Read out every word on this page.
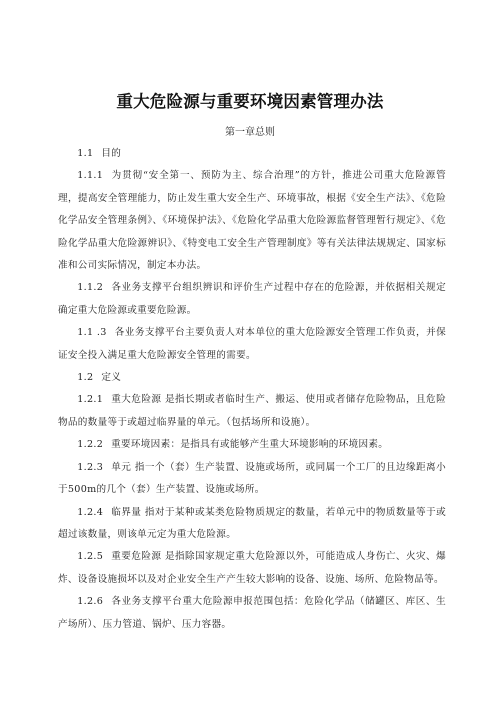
重大危险源与重要环境因素管理办法
第一章总则

1.1 目的

1.1.1 为贯彻“安全第一、预防为主、综合治理”的方针，推进公司重大危险源管理，提高安全管理能力，防止发生重大安全生产、环境事故，根据《安全生产法》、《危险化学品安全管理条例》、《环境保护法》、《危险化学品重大危险源监督管理暂行规定》、《危险化学品重大危险源辨识》、《特变电工安全生产管理制度》等有关法律法规规定、国家标准和公司实际情况，制定本办法。

1.1.2 各业务支撑平台组织辨识和评价生产过程中存在的危险源，并依据相关规定确定重大危险源或重要危险源。

1.1 .3 各业务支撑平台主要负责人对本单位的重大危险源安全管理工作负责，并保证安全投入满足重大危险源安全管理的需要。

1.2 定义

1.2.1 重大危险源 是指长期或者临时生产、搬运、使用或者储存危险物品，且危险物品的数量等于或超过临界量的单元。（包括场所和设施）。

1.2.2 重要环境因素：是指具有或能够产生重大环境影响的环境因素。

1.2.3 单元 指一个（套）生产装置、设施或场所，或同属一个工厂的且边缘距离小于500m的几个（套）生产装置、设施或场所。

1.2.4 临界量 指对于某种或某类危险物质规定的数量，若单元中的物质数量等于或超过该数量，则该单元定为重大危险源。

1.2.5 重要危险源 是指除国家规定重大危险源以外，可能造成人身伤亡、火灾、爆炸、设备设施损坏以及对企业安全生产产生较大影响的设备、设施、场所、危险物品等。

1.2.6 各业务支撑平台重大危险源申报范围包括：危险化学品（储罐区、库区、生产场所）、压力管道、锅炉、压力容器。
